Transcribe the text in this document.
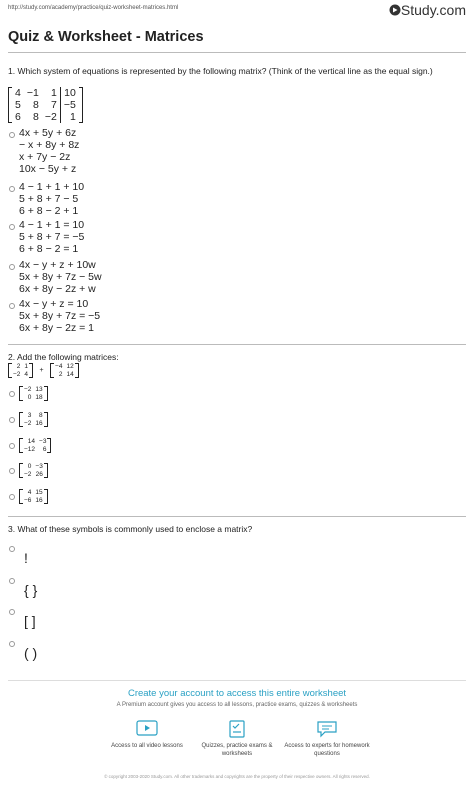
http://study.com/academy/practice/quiz-worksheet-matrices.html	Study.com
Quiz & Worksheet - Matrices
1. Which system of equations is represented by the following matrix? (Think of the vertical line as the equal sign.)
4	−1	1	10
5	8	7	−5
6	8	−2	1
4x + 5y + 6z
− x + 8y + 8z
x + 7y − 2z
10x − 5y + z
4 − 1 + 1 + 10
5 + 8 + 7 − 5
6 + 8 − 2 + 1
4 − 1 + 1 = 10
5 + 8 + 7 = −5
6 + 8 − 2 = 1
4x − y + z + 10w
5x + 8y + 7z − 5w
6x + 8y − 2z + w
4x − y + z = 10
5x + 8y + 7z = −5
6x + 8y − 2z = 1
2. Add the following matrices:
2	1
−2	4 +
−4	12
2	14
−2	13
0	18
3	8
−2	16
14	−3
−12	6
0	−3
−2	26
4	15
−6	16
3. What of these symbols is commonly used to enclose a matrix?
!
{ }
[ ]
( )
Create your account to access this entire worksheet
A Premium account gives you access to all lessons, practice exams, quizzes & worksheets
Access to all video lessons	Quizzes, practice exams & worksheets
Access to experts for homework questions
© copyright 2003-2020 Study.com. All other trademarks and copyrights are the property of their respective owners. All rights reserved.
